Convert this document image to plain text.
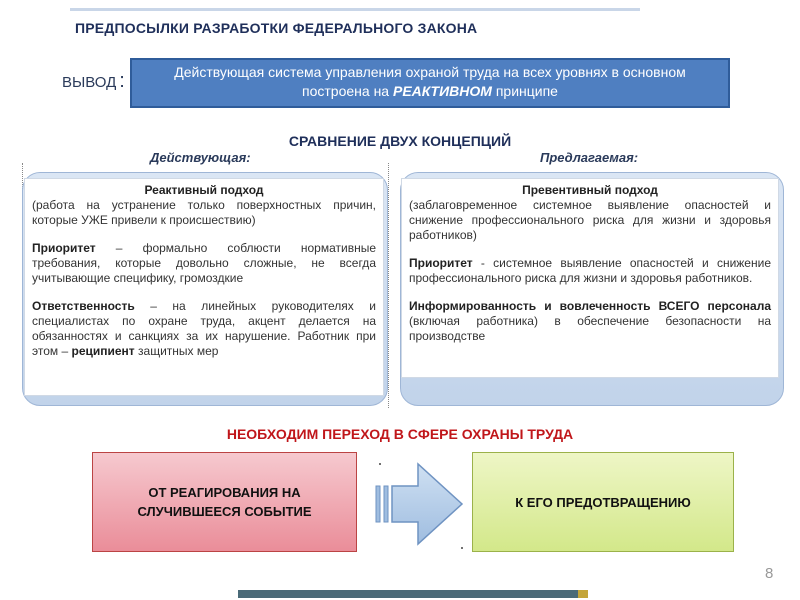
ПРЕДПОСЫЛКИ РАЗРАБОТКИ ФЕДЕРАЛЬНОГО ЗАКОНА
ВЫВОД :	Действующая система управления охраной труда на всех уровнях в основном
построена на РЕАКТИВНОМ принципе
СРАВНЕНИЕ ДВУХ КОНЦЕПЦИЙ
Действующая:	Предлагаемая:

Реактивный подход

(работа на устранение только поверхностных причин, которые УЖЕ привели к происшествию)

Приоритет – формально соблюсти нормативные требования, которые довольно сложные, не всегда учитывающие специфику, громоздкие

Ответственность – на линейных руководителях и специалистах по охране труда, акцент делается на обязанностях и санкциях за их нарушение. Работник при этом – реципиент защитных мер

Превентивный подход

(заблаговременное системное выявление опасностей и снижение профессионального риска для жизни и здоровья работников)

Приоритет - системное выявление опасностей и снижение профессионального риска для жизни и здоровья работников.

Информированность и вовлеченность ВСЕГО персонала (включая работника) в обеспечение безопасности на производстве

НЕОБХОДИМ ПЕРЕХОД В СФЕРЕ ОХРАНЫ ТРУДА
ОТ РЕАГИРОВАНИЯ НА
СЛУЧИВШЕЕСЯ СОБЫТИЕ
К ЕГО ПРЕДОТВРАЩЕНИЮ
8
